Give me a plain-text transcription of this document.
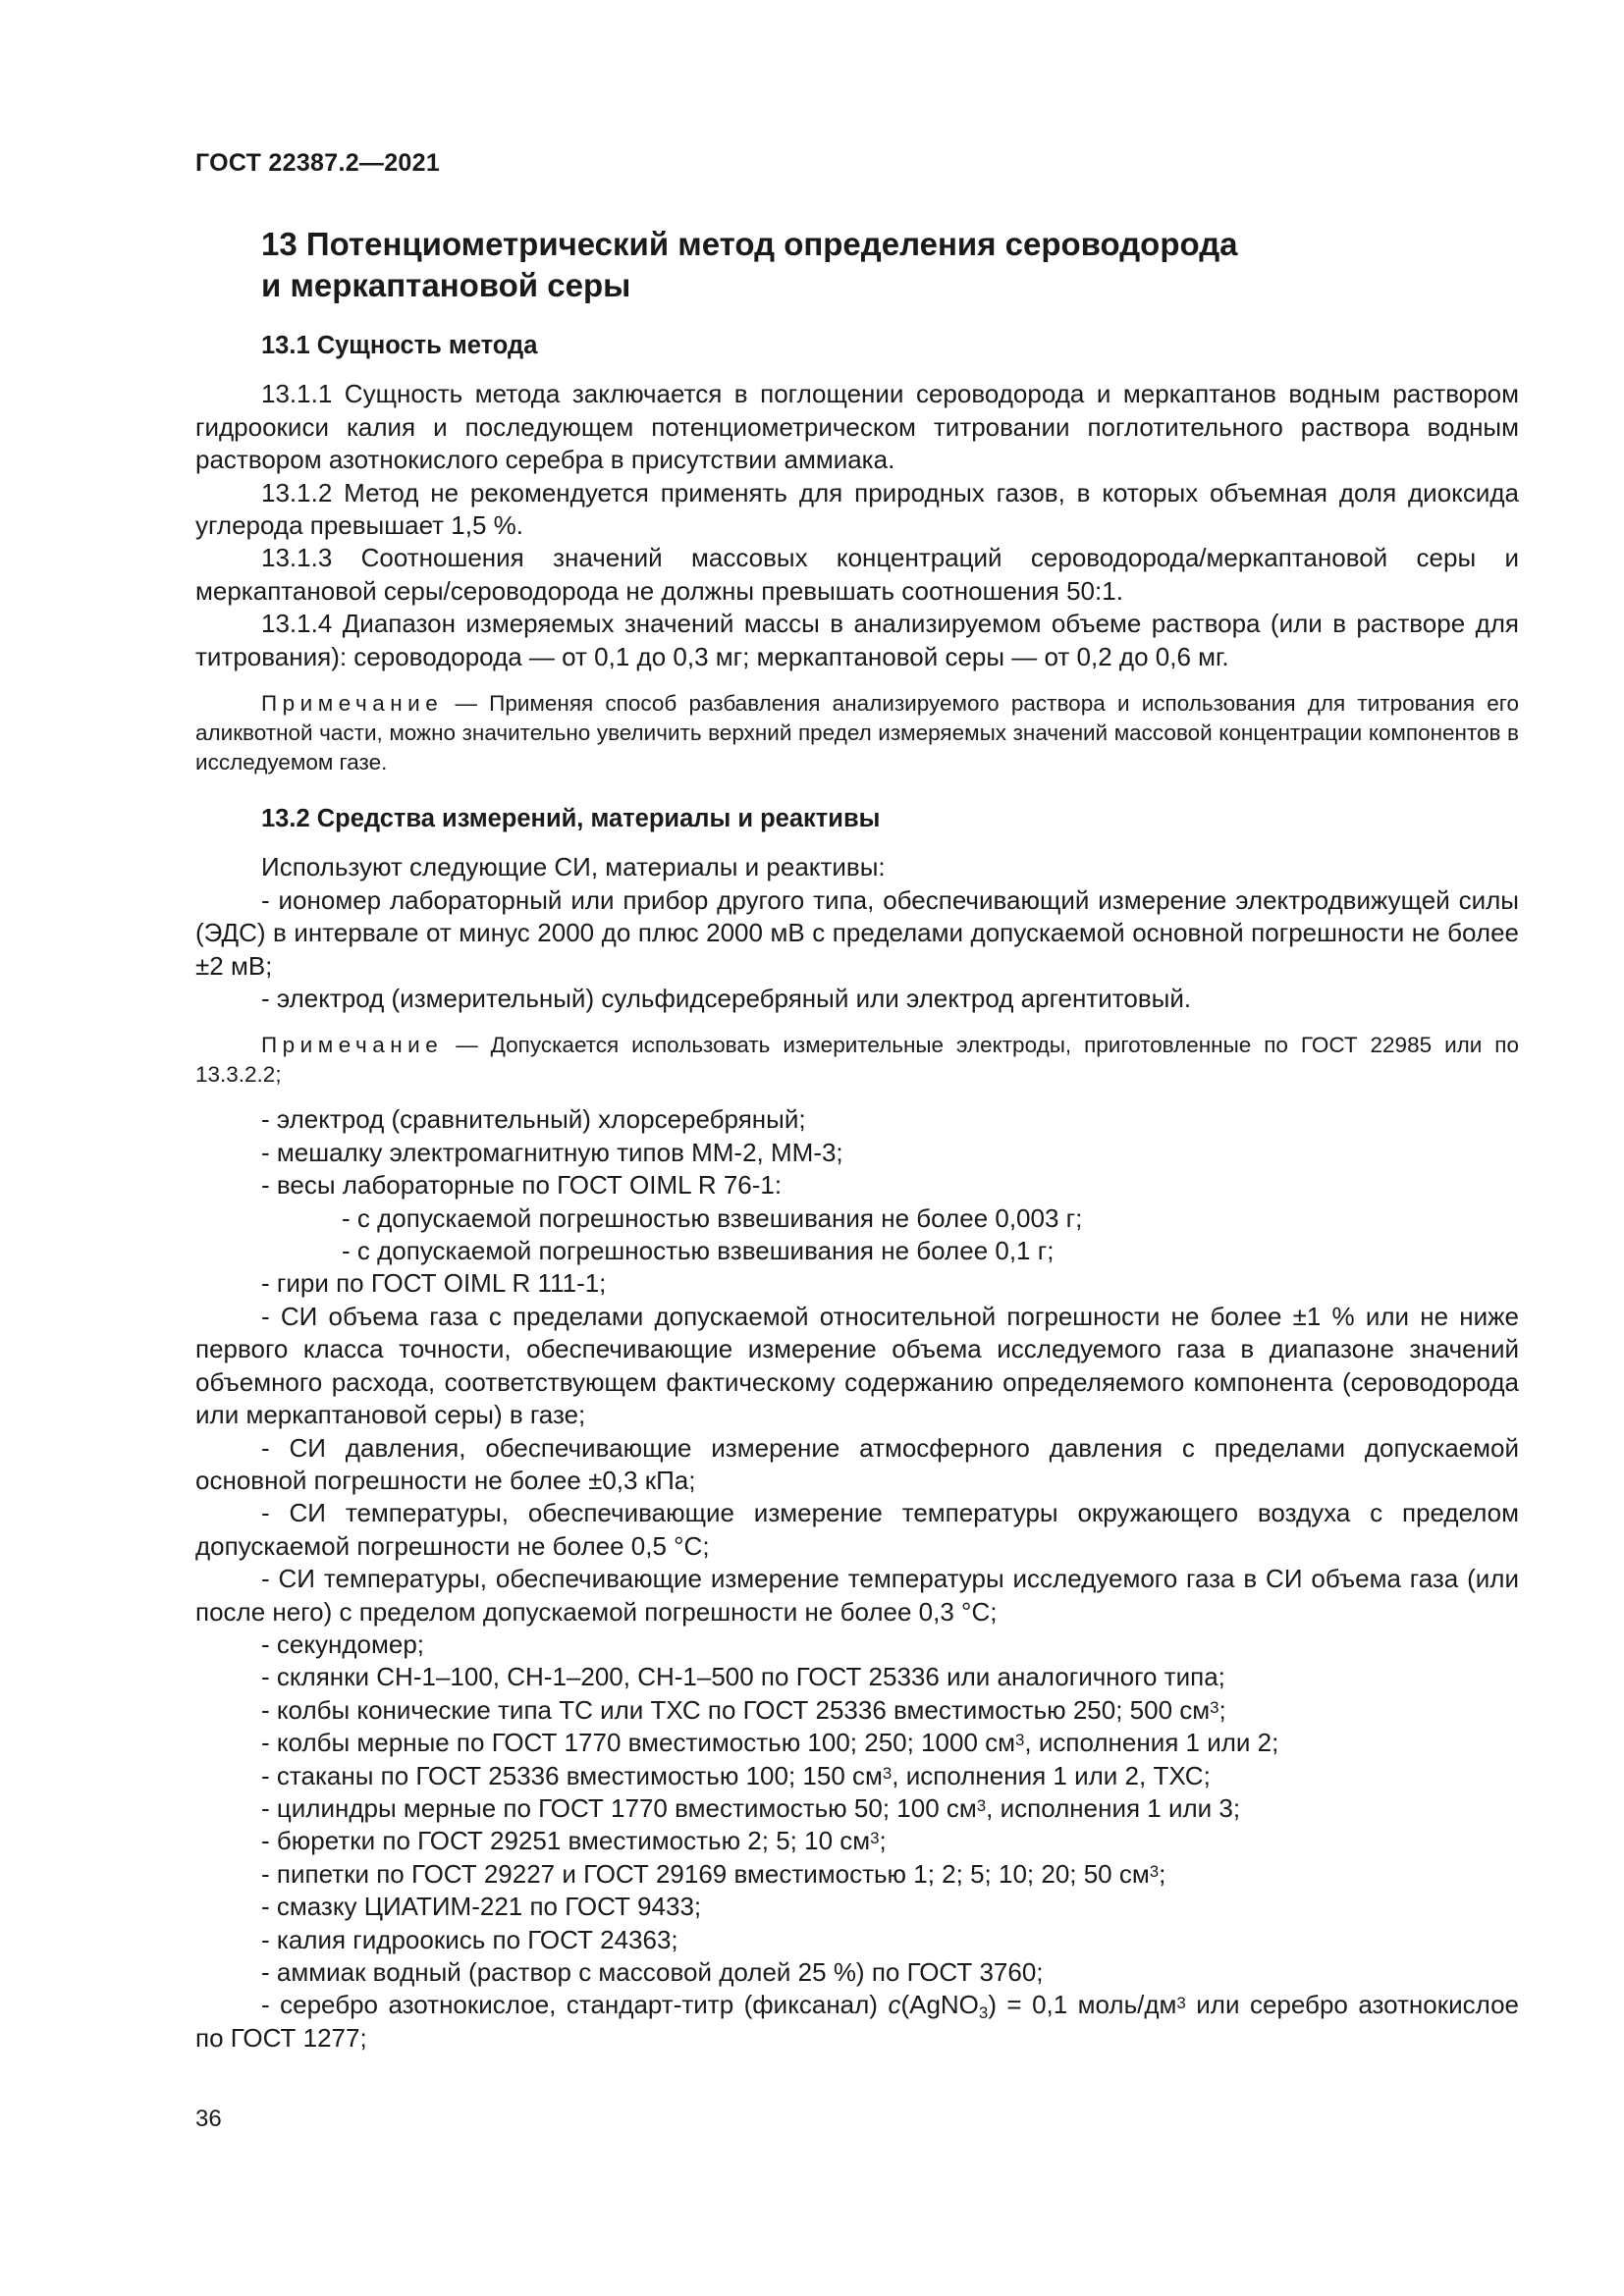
ГОСТ 22387.2—2021
13 Потенциометрический метод определения сероводорода
и меркаптановой серы

13.1 Сущность метода

13.1.1 Сущность метода заключается в поглощении сероводорода и меркаптанов водным раствором гидроокиси калия и последующем потенциометрическом титровании поглотительного раствора водным раствором азотнокислого серебра в присутствии аммиака.

13.1.2 Метод не рекомендуется применять для природных газов, в которых объемная доля диоксида углерода превышает 1,5 %.

13.1.3 Соотношения значений массовых концентраций сероводорода/меркаптановой серы и меркаптановой серы/сероводорода не должны превышать соотношения 50:1.

13.1.4 Диапазон измеряемых значений массы в анализируемом объеме раствора (или в растворе для титрования): сероводорода — от 0,1 до 0,3 мг; меркаптановой серы — от 0,2 до 0,6 мг.

Примечание — Применяя способ разбавления анализируемого раствора и использования для титрования его аликвотной части, можно значительно увеличить верхний предел измеряемых значений массовой концентрации компонентов в исследуемом газе.

13.2 Средства измерений, материалы и реактивы

Используют следующие СИ, материалы и реактивы:

- иономер лабораторный или прибор другого типа, обеспечивающий измерение электродвижущей силы (ЭДС) в интервале от минус 2000 до плюс 2000 мВ с пределами допускаемой основной погрешности не более ±2 мВ;

- электрод (измерительный) сульфидсеребряный или электрод аргентитовый.

Примечание — Допускается использовать измерительные электроды, приготовленные по ГОСТ 22985 или по 13.3.2.2;

- электрод (сравнительный) хлорсеребряный;

- мешалку электромагнитную типов ММ-2, ММ-3;

- весы лабораторные по ГОСТ OIML R 76-1:

- с допускаемой погрешностью взвешивания не более 0,003 г;

- с допускаемой погрешностью взвешивания не более 0,1 г;

- гири по ГОСТ OIML R 111-1;

- СИ объема газа с пределами допускаемой относительной погрешности не более ±1 % или не ниже первого класса точности, обеспечивающие измерение объема исследуемого газа в диапазоне значений объемного расхода, соответствующем фактическому содержанию определяемого компонента (сероводорода или меркаптановой серы) в газе;

- СИ давления, обеспечивающие измерение атмосферного давления с пределами допускаемой основной погрешности не более ±0,3 кПа;

- СИ температуры, обеспечивающие измерение температуры окружающего воздуха с пределом допускаемой погрешности не более 0,5 °С;

- СИ температуры, обеспечивающие измерение температуры исследуемого газа в СИ объема газа (или после него) с пределом допускаемой погрешности не более 0,3 °С;

- секундомер;

- склянки СН-1–100, СН-1–200, СН-1–500 по ГОСТ 25336 или аналогичного типа;

- колбы конические типа ТС или ТХС по ГОСТ 25336 вместимостью 250; 500 $см^3$;

- колбы мерные по ГОСТ 1770 вместимостью 100; 250; 1000 $см^3$, исполнения 1 или 2;

- стаканы по ГОСТ 25336 вместимостью 100; 150 $см^3$, исполнения 1 или 2, ТХС;

- цилиндры мерные по ГОСТ 1770 вместимостью 50; 100 $см^3$, исполнения 1 или 3;

- бюретки по ГОСТ 29251 вместимостью 2; 5; 10 $см^3$;

- пипетки по ГОСТ 29227 и ГОСТ 29169 вместимостью 1; 2; 5; 10; 20; 50 $см^3$;

- смазку ЦИАТИМ-221 по ГОСТ 9433;

- калия гидроокись по ГОСТ 24363;

- аммиак водный (раствор с массовой долей 25 %) по ГОСТ 3760;

- серебро азотнокислое, стандарт-титр (фиксанал) c(AgNO$_3$) = 0,1 моль/$дм^3$ или серебро азотнокислое по ГОСТ 1277;

36
